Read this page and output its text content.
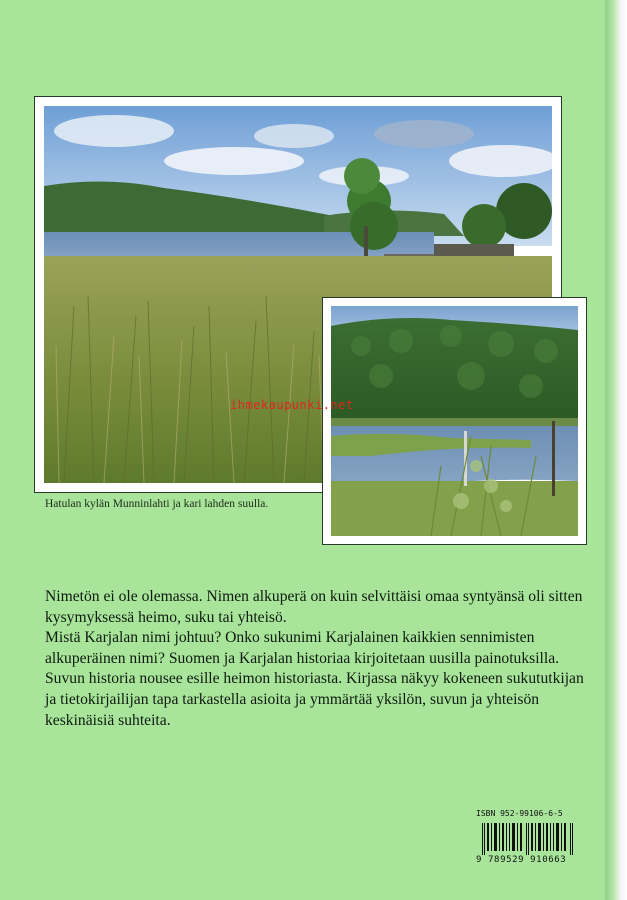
ihmekaupunki.net
Hatulan kylän Munninlahti ja kari lahden suulla.

Nimetön ei ole olemassa. Nimen alkuperä on kuin selvittäisi omaa syntyänsä oli sitten kysymyksessä heimo, suku tai yhteisö.

Mistä Karjalan nimi johtuu? Onko sukunimi Karjalainen kaikkien sennimisten alkuperäinen nimi? Suomen ja Karjalan historiaa kirjoitetaan uusilla painotuksilla. Suvun historia nousee esille heimon historiasta. Kirjassa näkyy kokeneen sukututkijan ja tietokirjailijan tapa tarkastella asioita ja ymmärtää yksilön, suvun ja yhteisön keskinäisiä suhteita.

ISBN 952-99106-6-5
9 789529 910663
